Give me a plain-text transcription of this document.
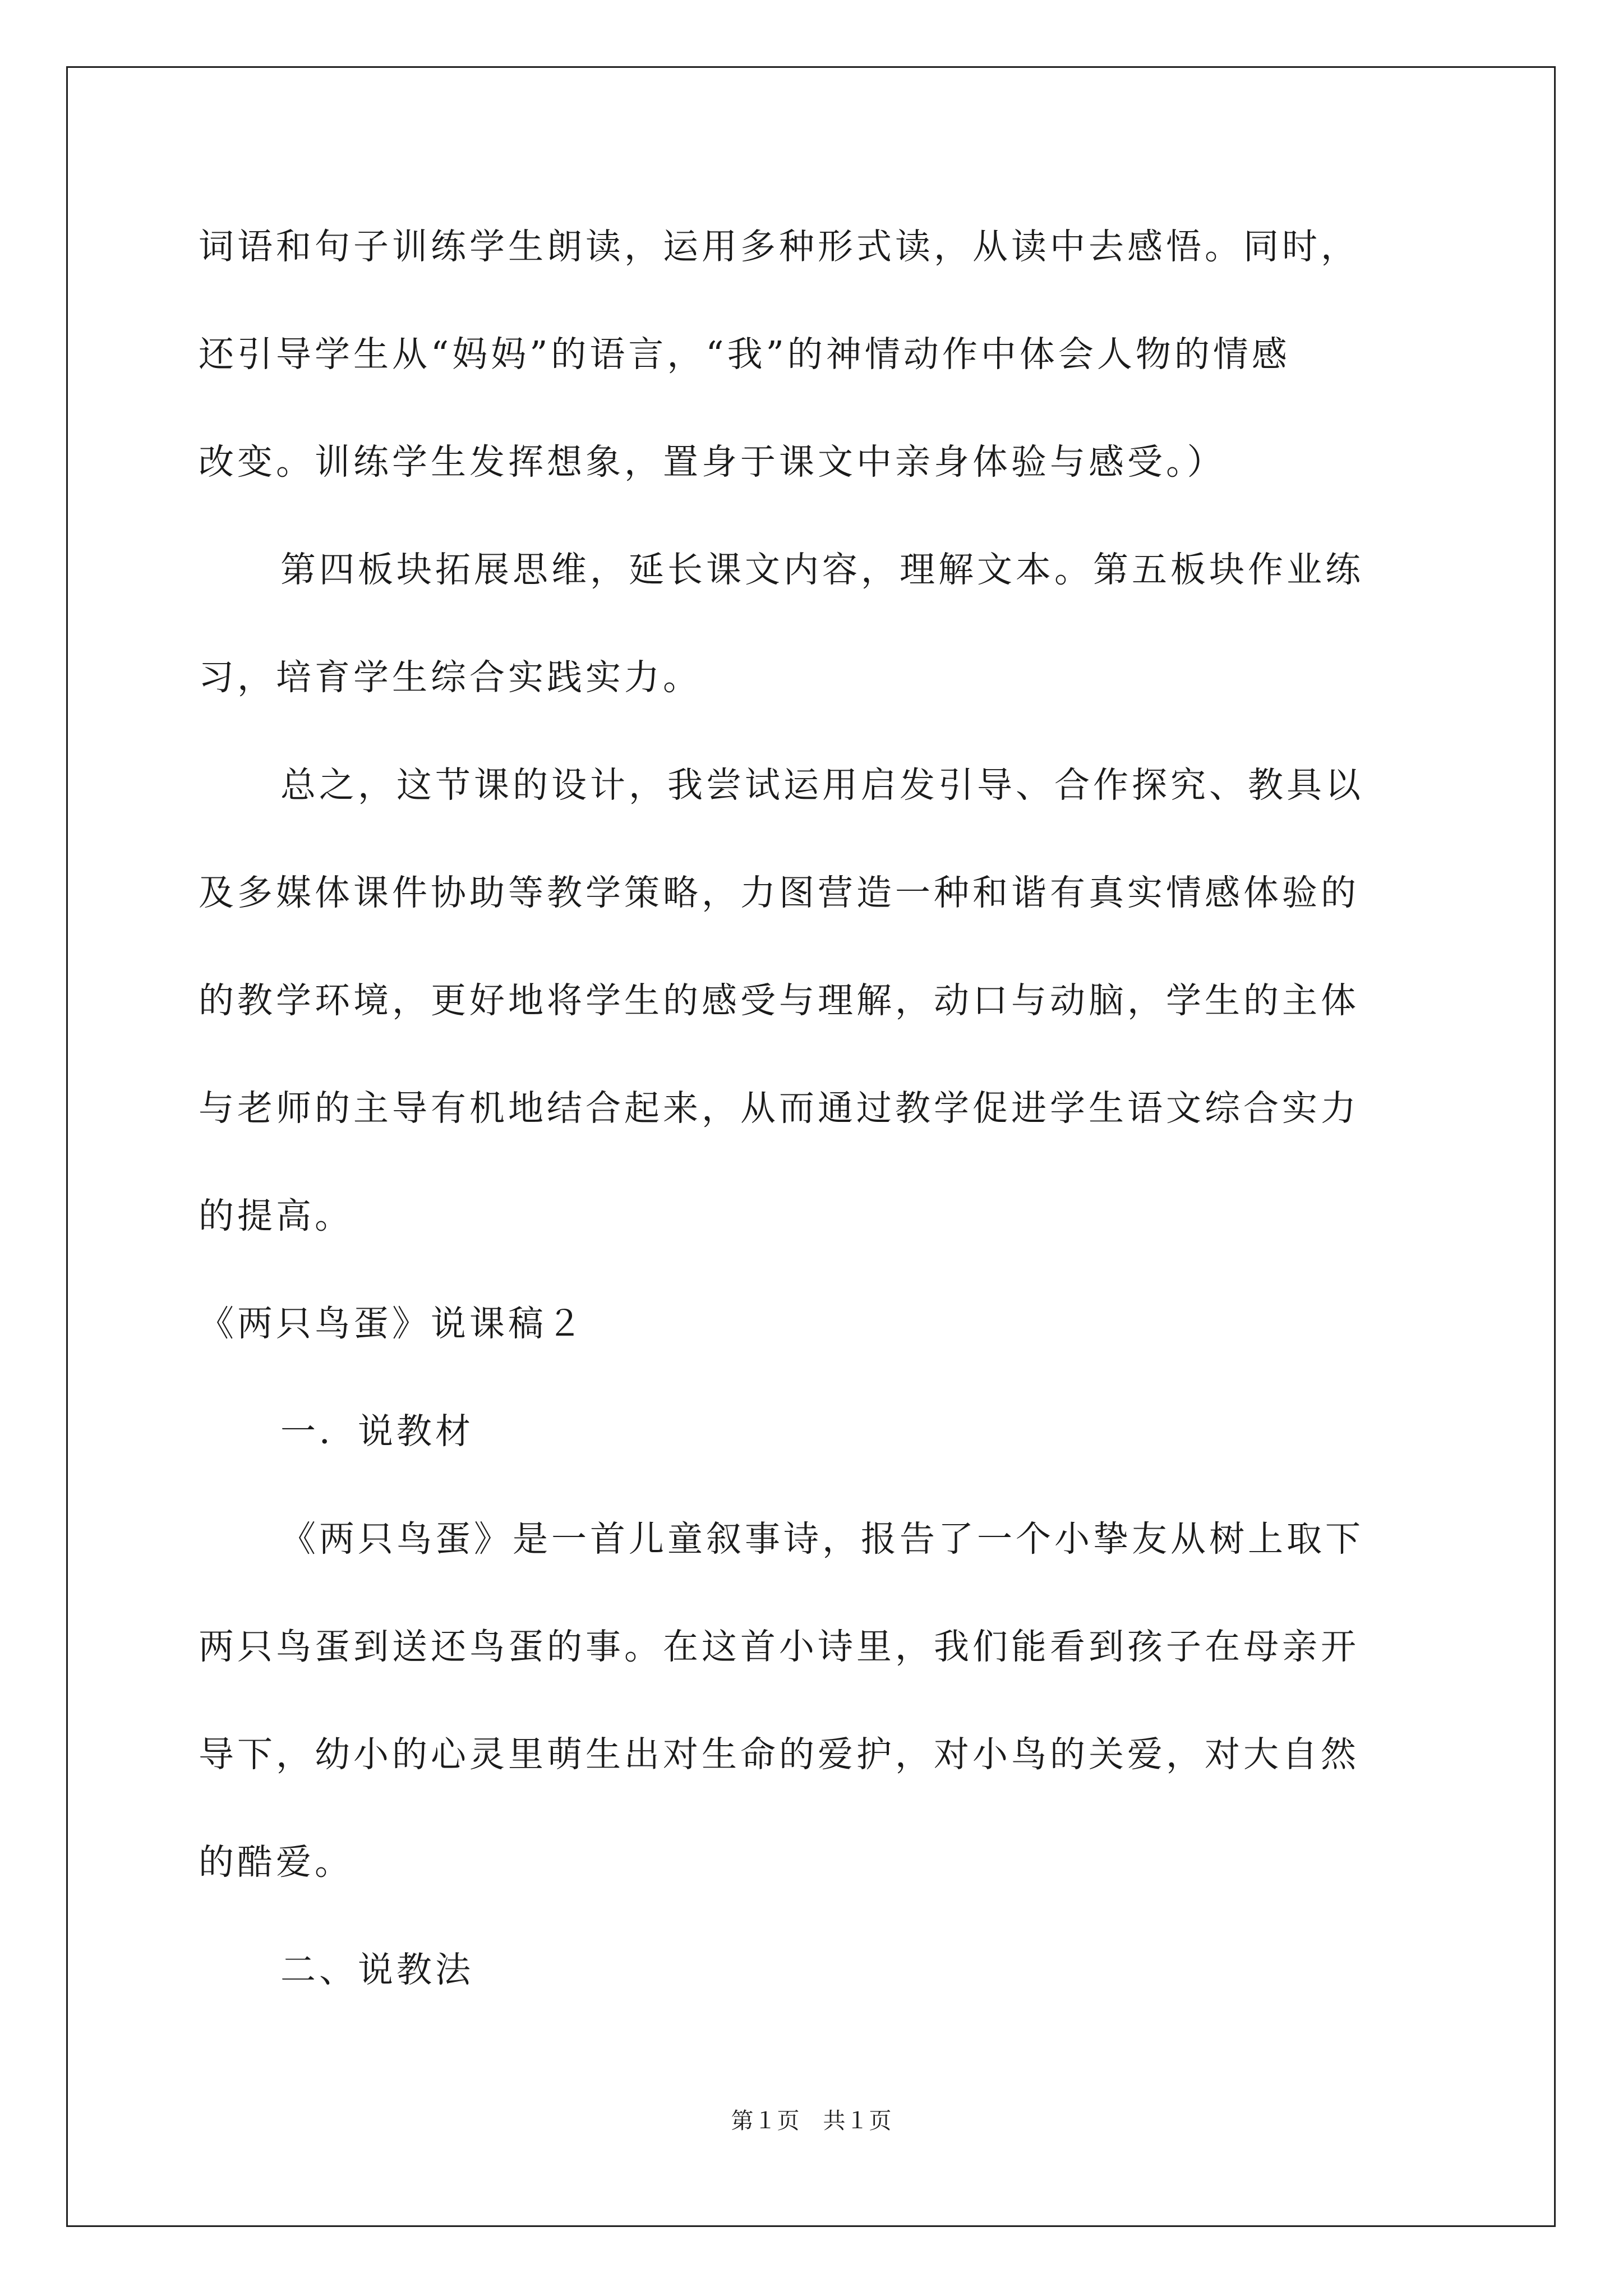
词语和句子训练学生朗读，运用多种形式读，从读中去感悟。同时，
还引导学生从“妈妈”的语言，“我”的神情动作中体会人物的情感
改变。训练学生发挥想象，置身于课文中亲身体验与感受。）
第四板块拓展思维，延长课文内容，理解文本。第五板块作业练
习，培育学生综合实践实力。
总之，这节课的设计，我尝试运用启发引导、合作探究、教具以
及多媒体课件协助等教学策略，力图营造一种和谐有真实情感体验的
的教学环境，更好地将学生的感受与理解，动口与动脑，学生的主体
与老师的主导有机地结合起来，从而通过教学促进学生语文综合实力
的提高。
《两只鸟蛋》说课稿２
一．说教材
《两只鸟蛋》是一首儿童叙事诗，报告了一个小挚友从树上取下
两只鸟蛋到送还鸟蛋的事。在这首小诗里，我们能看到孩子在母亲开
导下，幼小的心灵里萌生出对生命的爱护，对小鸟的关爱，对大自然
的酷爱。
二、说教法
第１页　共１页
